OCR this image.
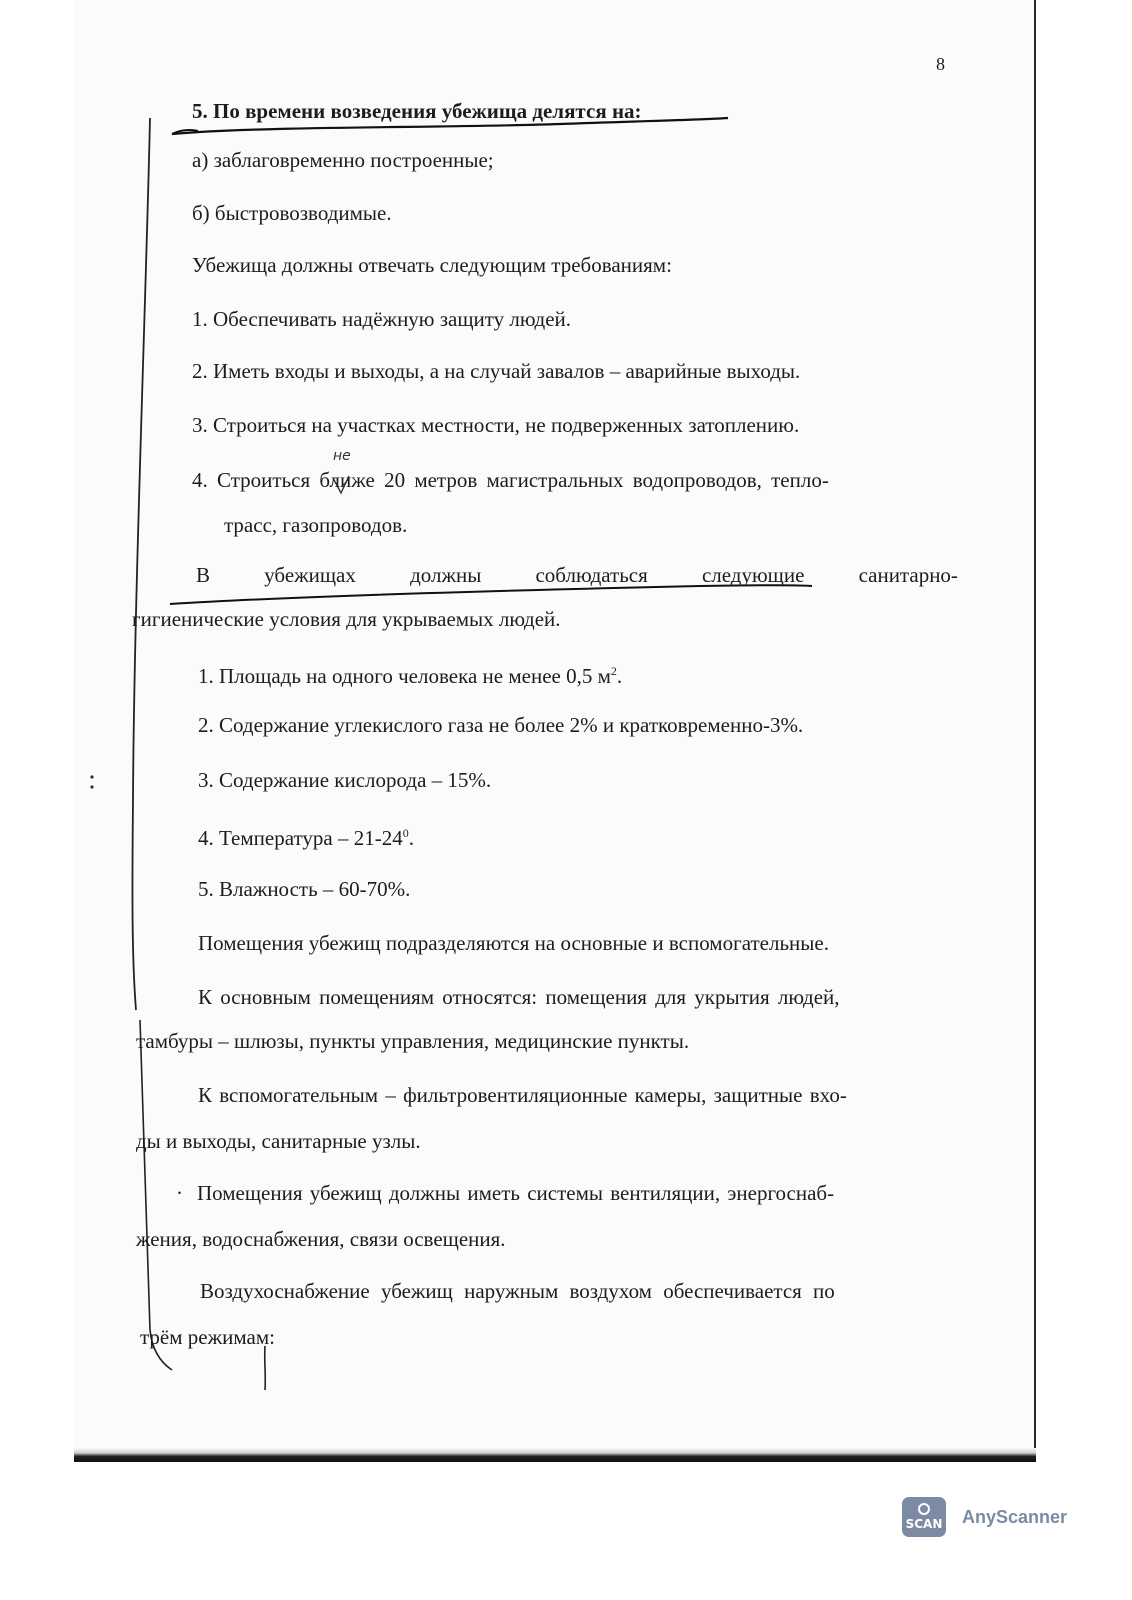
8
5. По времени возведения убежища делятся на:
а) заблаговременно построенные;
б) быстровозводимые.
Убежища должны отвечать следующим требованиям:
1. Обеспечивать надёжную защиту людей.
2. Иметь входы и выходы, а на случай завалов – аварийные выходы.
3. Строиться на участках местности, не подверженных затоплению.
4. Строиться ближе 20 метров магистральных водопроводов, тепло-
трасс, газопроводов.
не
В	убежищах	должны	соблюдаться	следующие	санитарно-
гигиенические условия для укрываемых людей.
1. Площадь на одного человека не менее 0,5 $м^2$.
2. Содержание углекислого газа не более 2% и кратковременно-3%.
3. Содержание кислорода – 15%.
4. Температура – $21-24^0$.
5. Влажность – 60-70%.
Помещения убежищ подразделяются на основные и вспомогательные.
К основным помещениям относятся: помещения для укрытия людей,
тамбуры – шлюзы, пункты управления, медицинские пункты.
К вспомогательным – фильтровентиляционные камеры, защитные вхо-
ды и выходы, санитарные узлы.
· Помещения убежищ должны иметь системы вентиляции, энергоснаб-
жения, водоснабжения, связи освещения.
Воздухоснабжение убежищ наружным воздухом обеспечивается по
трём режимам:
SCAN AnyScanner
